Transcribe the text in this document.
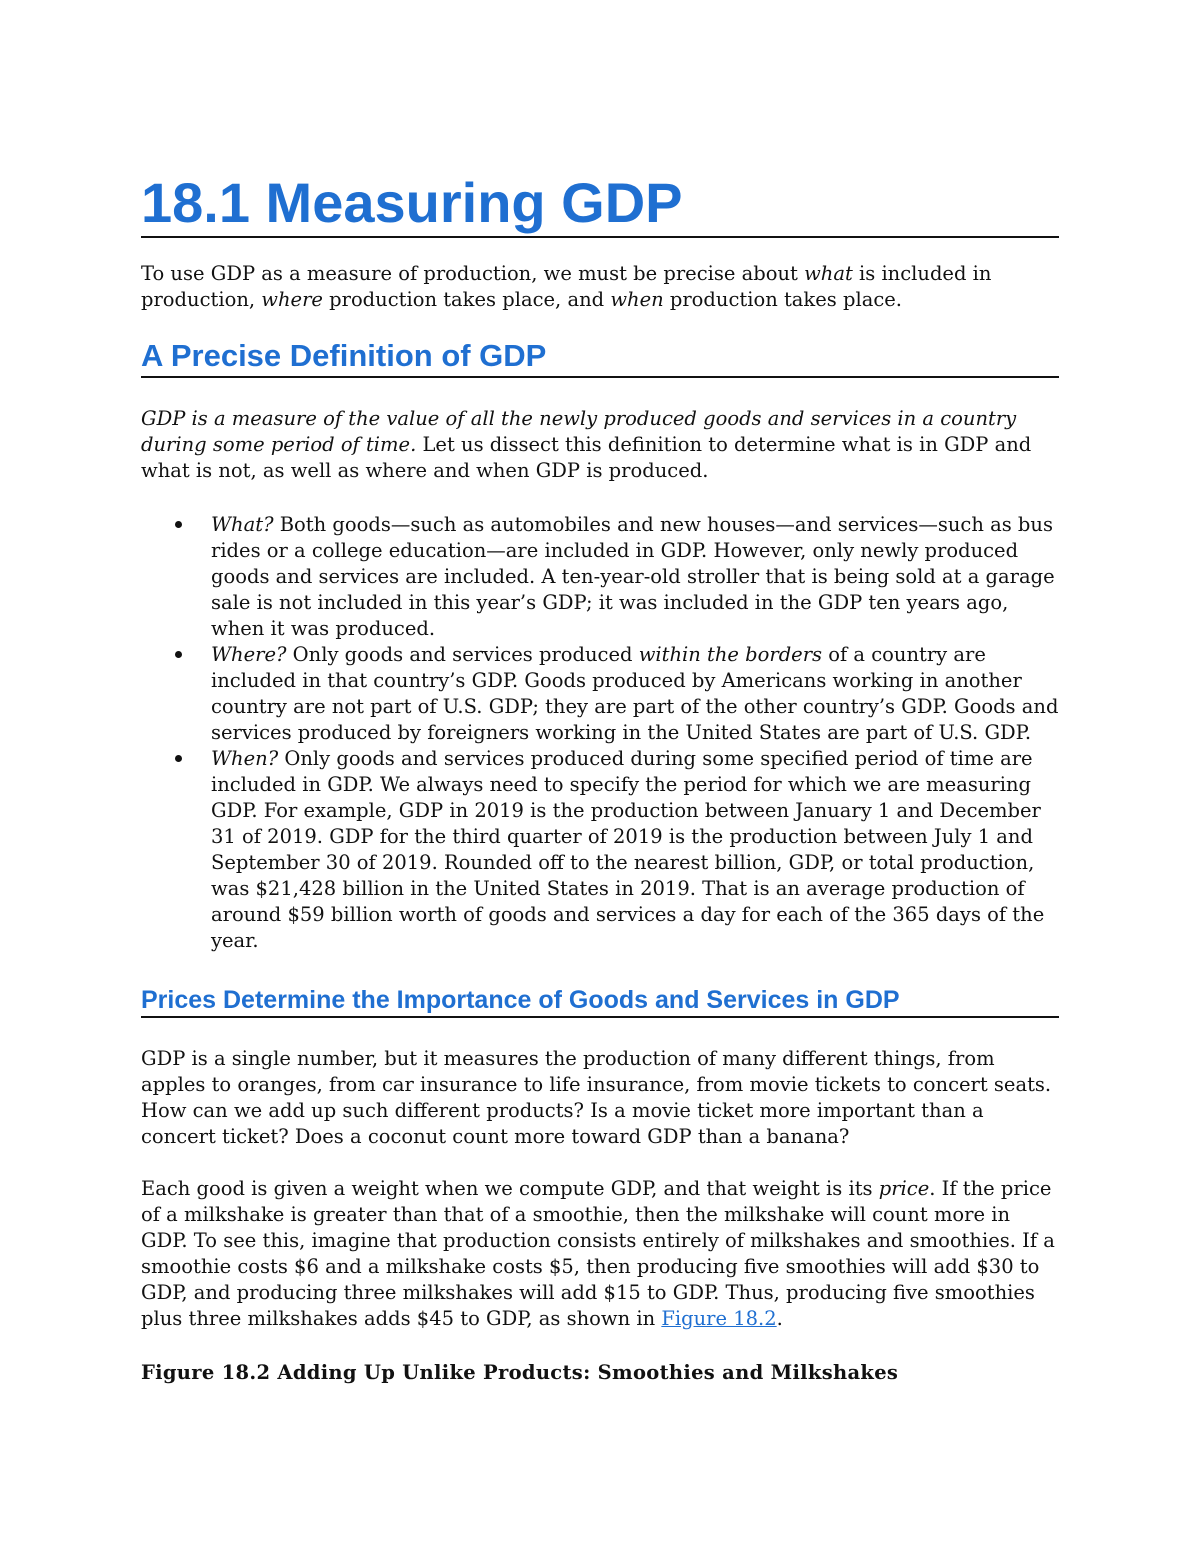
18.1 Measuring GDP

To use GDP as a measure of production, we must be precise about what is included in production, where production takes place, and when production takes place.

A Precise Definition of GDP

GDP is a measure of the value of all the newly produced goods and services in a country during some period of time. Let us dissect this definition to determine what is in GDP and what is not, as well as where and when GDP is produced.

What? Both goods—such as automobiles and new houses—and services—such as bus rides or a college education—are included in GDP. However, only newly produced goods and services are included. A ten-year-old stroller that is being sold at a garage sale is not included in this year’s GDP; it was included in the GDP ten years ago, when it was produced.
Where? Only goods and services produced within the borders of a country are included in that country’s GDP. Goods produced by Americans working in another country are not part of U.S. GDP; they are part of the other country’s GDP. Goods and services produced by foreigners working in the United States are part of U.S. GDP.
When? Only goods and services produced during some specified period of time are included in GDP. We always need to specify the period for which we are measuring GDP. For example, GDP in 2019 is the production between January 1 and December 31 of 2019. GDP for the third quarter of 2019 is the production between July 1 and September 30 of 2019. Rounded off to the nearest billion, GDP, or total production, was $21,428 billion in the United States in 2019. That is an average production of around $59 billion worth of goods and services a day for each of the 365 days of the year.
Prices Determine the Importance of Goods and Services in GDP

GDP is a single number, but it measures the production of many different things, from apples to oranges, from car insurance to life insurance, from movie tickets to concert seats. How can we add up such different products? Is a movie ticket more important than a concert ticket? Does a coconut count more toward GDP than a banana?

Each good is given a weight when we compute GDP, and that weight is its price. If the price of a milkshake is greater than that of a smoothie, then the milkshake will count more in GDP. To see this, imagine that production consists entirely of milkshakes and smoothies. If a smoothie costs $6 and a milkshake costs $5, then producing five smoothies will add $30 to GDP, and producing three milkshakes will add $15 to GDP. Thus, producing five smoothies plus three milkshakes adds $45 to GDP, as shown in Figure 18.2.

Figure 18.2 Adding Up Unlike Products: Smoothies and Milkshakes
